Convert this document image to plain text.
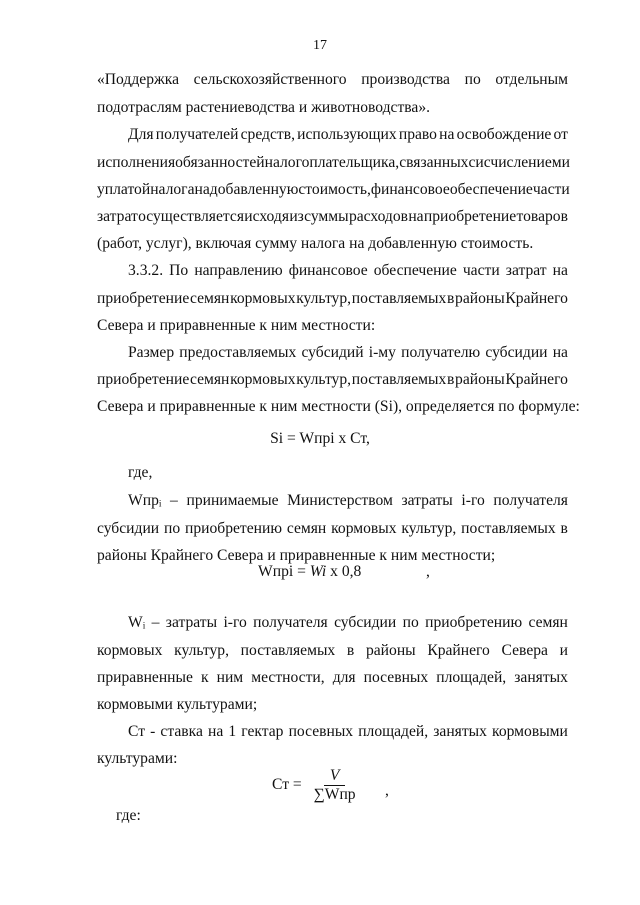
17
«Поддержка сельскохозяйственного производства по отдельным
подотраслям растениеводства и животноводства».
Для получателей средств, использующих право на освобождение от
исполнения обязанностей налогоплательщика, связанных с исчислением и
уплатой налога на добавленную стоимость, финансовое обеспечение части
затрат осуществляется исходя из суммы расходов на приобретение товаров
(работ, услуг), включая сумму налога на добавленную стоимость.
3.3.2. По направлению финансовое обеспечение части затрат на
приобретение семян кормовых культур, поставляемых в районы Крайнего
Севера и приравненные к ним местности:
Размер предоставляемых субсидий i-му получателю субсидии на
приобретение семян кормовых культур, поставляемых в районы Крайнего
Севера и приравненные к ним местности (Si), определяется по формуле:
Si = Wпрi x Ст,
где,
Wпрᵢ – принимаемые Министерством затраты i-го получателя
субсидии по приобретению семян кормовых культур, поставляемых в
районы Крайнего Севера и приравненные к ним местности;
Wпрi = Wi x 0,8	,
Wᵢ – затраты i-го получателя субсидии по приобретению семян
кормовых культур, поставляемых в районы Крайнего Севера и
приравненные к ним местности, для посевных площадей, занятых
кормовыми культурами;
Ст - ставка на 1 гектар посевных площадей, занятых кормовыми
культурами:
Ст = $\frac{V}{\text{∑Wпр}}$ ,
где:
